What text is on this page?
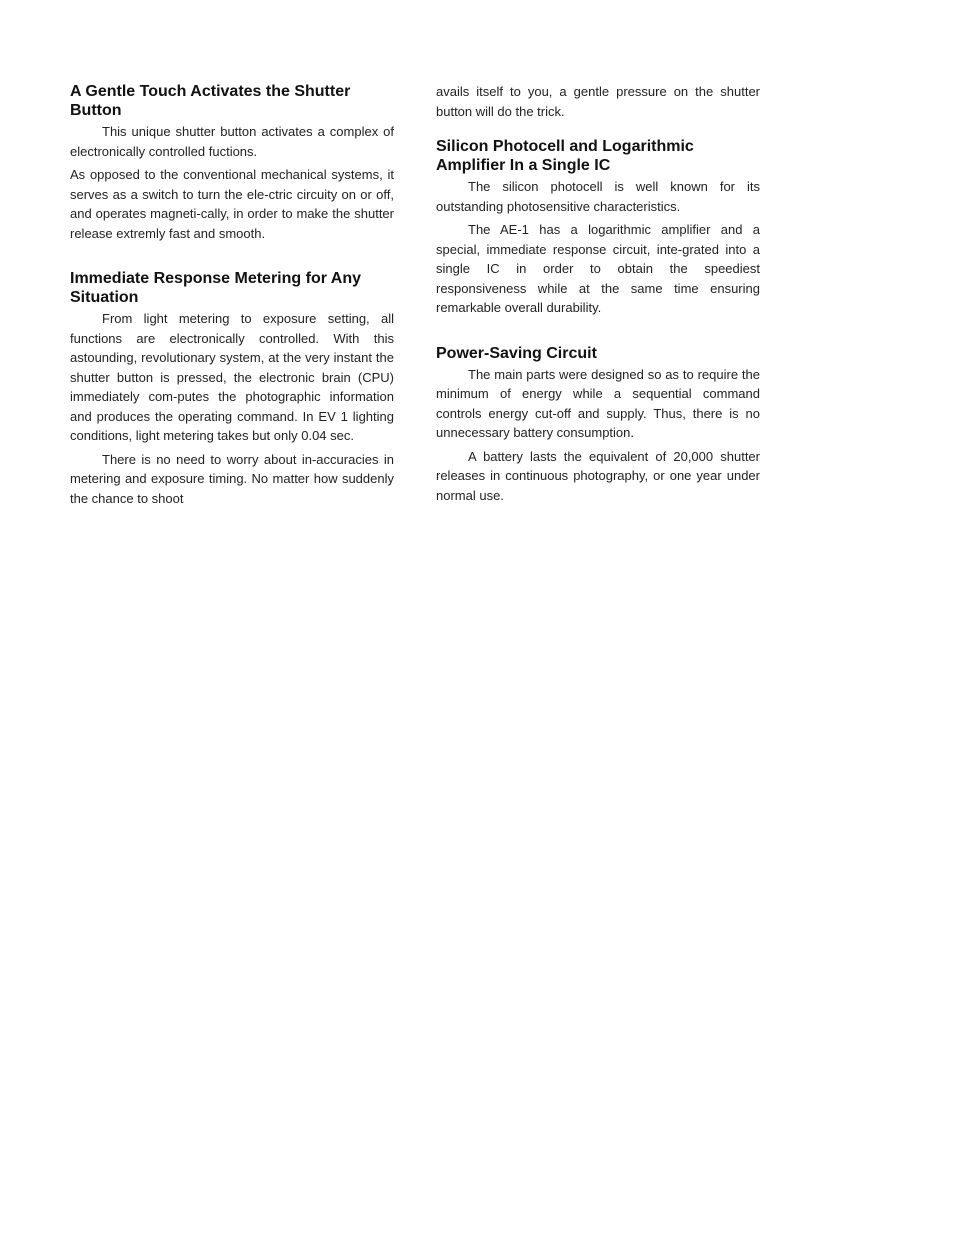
A Gentle Touch Activates the Shutter Button

This unique shutter button activates a complex of electronically controlled fuctions.

As opposed to the conventional mechanical systems, it serves as a switch to turn the ele-ctric circuity on or off, and operates magneti-cally, in order to make the shutter release extremly fast and smooth.

Immediate Response Metering for Any Situation

From light metering to exposure setting, all functions are electronically controlled. With this astounding, revolutionary system, at the very instant the shutter button is pressed, the electronic brain (CPU) immediately com-putes the photographic information and produces the operating command. In EV 1 lighting conditions, light metering takes but only 0.04 sec.

There is no need to worry about in-accuracies in metering and exposure timing. No matter how suddenly the chance to shoot

avails itself to you, a gentle pressure on the shutter button will do the trick.

Silicon Photocell and Logarithmic Amplifier In a Single IC

The silicon photocell is well known for its outstanding photosensitive characteristics.

The AE-1 has a logarithmic amplifier and a special, immediate response circuit, inte-grated into a single IC in order to obtain the speediest responsiveness while at the same time ensuring remarkable overall durability.

Power-Saving Circuit

The main parts were designed so as to require the minimum of energy while a sequential command controls energy cut-off and supply. Thus, there is no unnecessary battery consumption.

A battery lasts the equivalent of 20,000 shutter releases in continuous photography, or one year under normal use.
